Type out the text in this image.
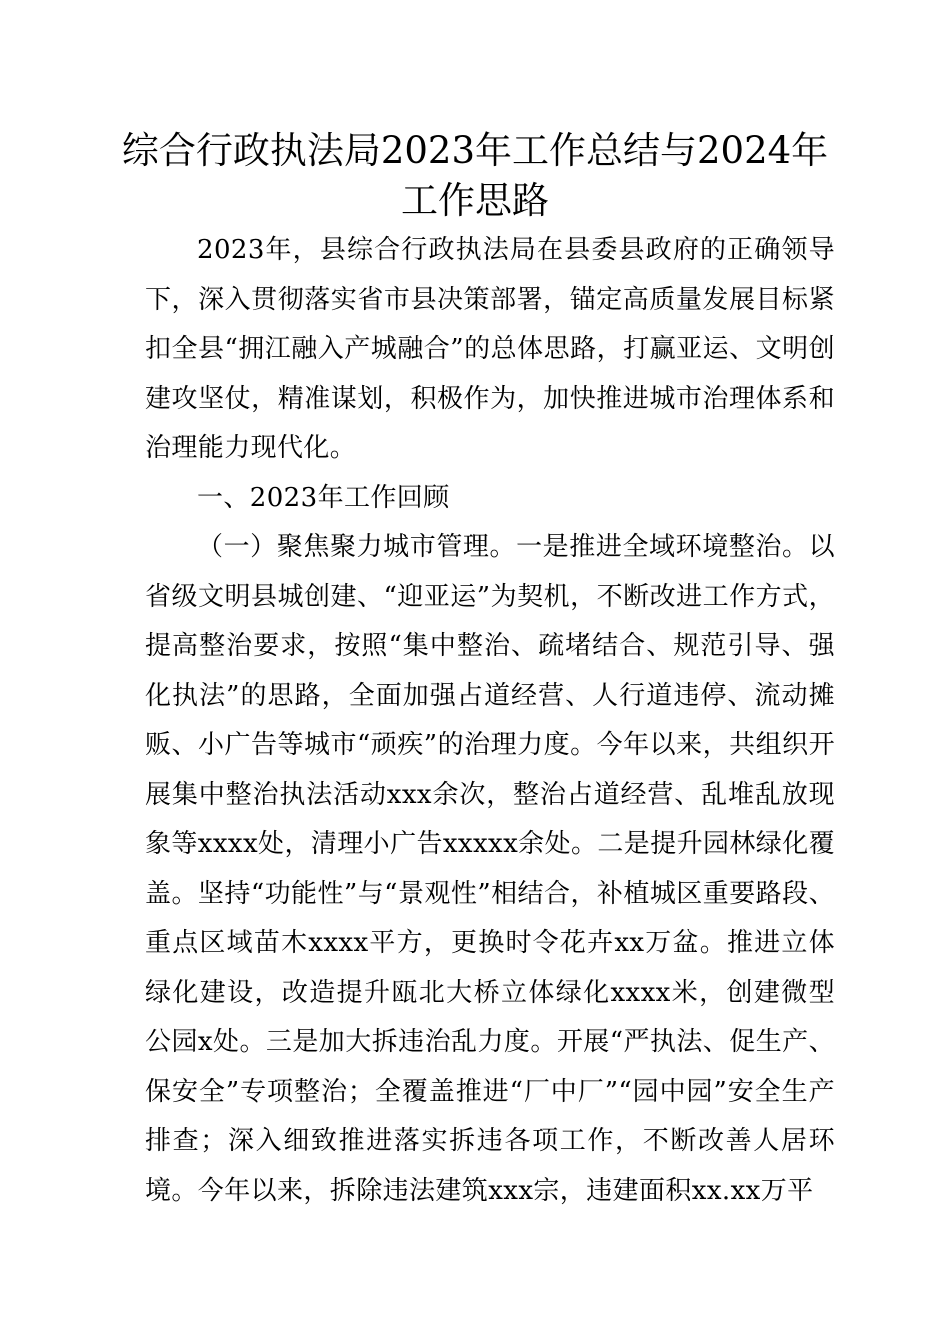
综合行政执法局2023年工作总结与2024年
工作思路

2023年，县综合行政执法局在县委县政府的正确领导下，深入贯彻落实省市县决策部署，锚定高质量发展目标紧扣全县“拥江融入产城融合”的总体思路，打赢亚运、文明创建攻坚仗，精准谋划，积极作为，加快推进城市治理体系和治理能力现代化。

一、2023年工作回顾

（一）聚焦聚力城市管理。一是推进全域环境整治。以省级文明县城创建、“迎亚运”为契机，不断改进工作方式，提高整治要求，按照“集中整治、疏堵结合、规范引导、强化执法”的思路，全面加强占道经营、人行道违停、流动摊贩、小广告等城市“顽疾”的治理力度。今年以来，共组织开展集中整治执法活动xxx余次，整治占道经营、乱堆乱放现象等xxxx处，清理小广告xxxxx余处。二是提升园林绿化覆盖。坚持“功能性”与“景观性”相结合，补植城区重要路段、重点区域苗木xxxx平方，更换时令花卉xx万盆。推进立体绿化建设，改造提升瓯北大桥立体绿化xxxx米，创建微型公园x处。三是加大拆违治乱力度。开展“严执法、促生产、保安全”专项整治；全覆盖推进“厂中厂”“园中园”安全生产排查；深入细致推进落实拆违各项工作，不断改善人居环境。今年以来，拆除违法建筑xxx宗，违建面积xx.xx万平
